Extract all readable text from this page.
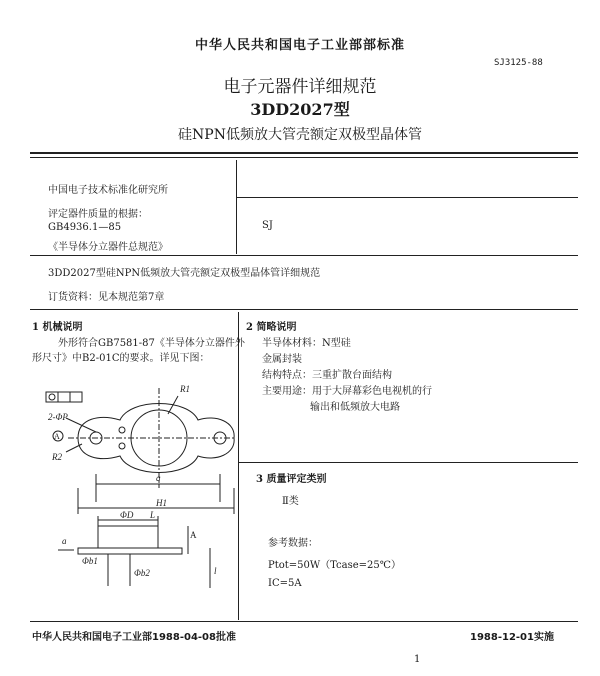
中华人民共和国电子工业部部标准
SJ3125-88
电子元器件详细规范
3DD2027型
硅NPN低频放大管壳额定双极型晶体管
中国电子技术标准化研究所
评定器件质量的根据：
GB4936.1—85
《半导体分立器件总规范》
SJ
3DD2027型硅NPN低频放大管壳额定双极型晶体管详细规范
订货资料：见本规范第7章
1 机械说明
外形符合GB7581-87《半导体分立器件外
形尺寸》中B2-01C的要求。详见下图：
2 简略说明
半导体材料：N型硅
金属封装
结构特点：三重扩散台面结构
主要用途：用于大屏幕彩色电视机的行
输出和低频放大电路
3 质量评定类别
Ⅱ类
参考数据：
Ptot=50W（Tcase=25℃）
IC=5A
R1
R2
2-ΦP
A
q
H1
L
ΦD
A
Φb1
Φb2	l
a
中华人民共和国电子工业部1988-04-08批准	1988-12-01实施
1
